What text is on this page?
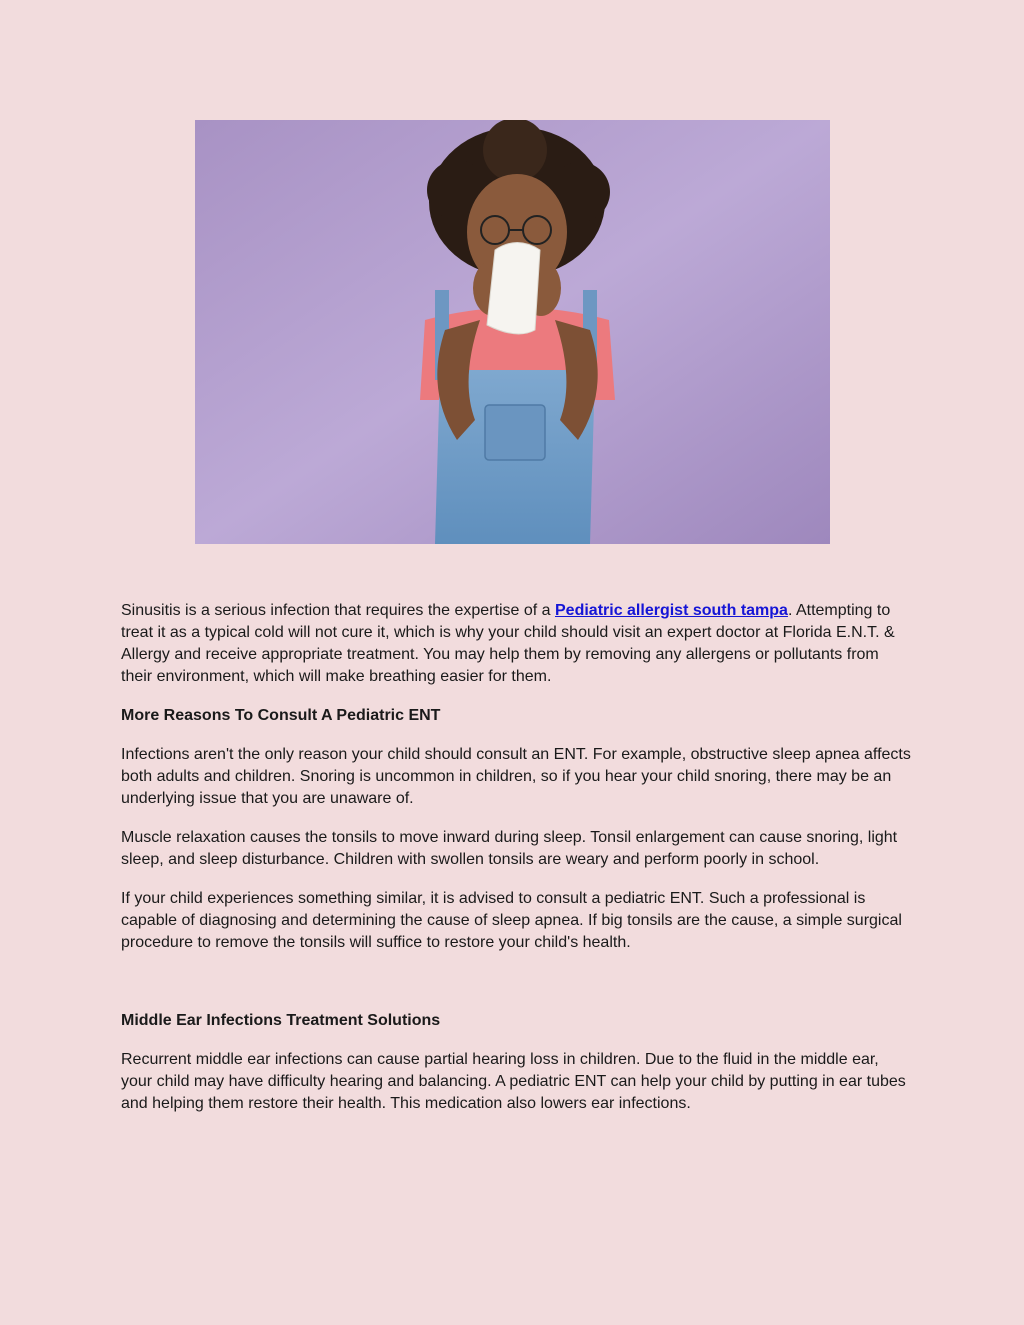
Sinusitis is a serious infection that requires the expertise of a Pediatric allergist south tampa. Attempting to treat it as a typical cold will not cure it, which is why your child should visit an expert doctor at Florida E.N.T. & Allergy and receive appropriate treatment. You may help them by removing any allergens or pollutants from their environment, which will make breathing easier for them.

More Reasons To Consult A Pediatric ENT

Infections aren't the only reason your child should consult an ENT. For example, obstructive sleep apnea affects both adults and children. Snoring is uncommon in children, so if you hear your child snoring, there may be an underlying issue that you are unaware of.

Muscle relaxation causes the tonsils to move inward during sleep. Tonsil enlargement can cause snoring, light sleep, and sleep disturbance. Children with swollen tonsils are weary and perform poorly in school.

If your child experiences something similar, it is advised to consult a pediatric ENT. Such a professional is capable of diagnosing and determining the cause of sleep apnea. If big tonsils are the cause, a simple surgical procedure to remove the tonsils will suffice to restore your child's health.

Middle Ear Infections Treatment Solutions

Recurrent middle ear infections can cause partial hearing loss in children. Due to the fluid in the middle ear, your child may have difficulty hearing and balancing. A pediatric ENT can help your child by putting in ear tubes and helping them restore their health. This medication also lowers ear infections.
